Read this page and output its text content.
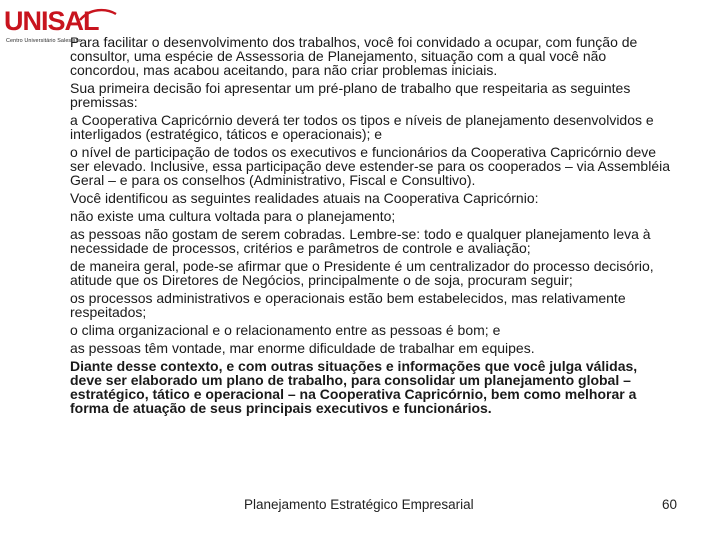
UNISAL
Centro Universitário Salesiano

Para facilitar o desenvolvimento dos trabalhos, você foi convidado a ocupar, com função de consultor, uma espécie de Assessoria de Planejamento, situação com a qual você não concordou, mas acabou aceitando, para não criar problemas iniciais.

Sua primeira decisão foi apresentar um pré-plano de trabalho que respeitaria as seguintes premissas:

a Cooperativa Capricórnio deverá ter todos os tipos e níveis de planejamento desenvolvidos e interligados (estratégico, táticos e operacionais); e

o nível de participação de todos os executivos e funcionários da Cooperativa Capricórnio deve ser elevado. Inclusive, essa participação deve estender-se para os cooperados – via Assembléia Geral – e para os conselhos (Administrativo, Fiscal e Consultivo).

Você identificou as seguintes realidades atuais na Cooperativa Capricórnio:

não existe uma cultura voltada para o planejamento;

as pessoas não gostam de serem cobradas. Lembre-se: todo e qualquer planejamento leva à necessidade de processos, critérios e parâmetros de controle e avaliação;

de maneira geral, pode-se afirmar que o Presidente é um centralizador do processo decisório, atitude que os Diretores de Negócios, principalmente o de soja, procuram seguir;

os processos administrativos e operacionais estão bem estabelecidos, mas relativamente respeitados;

o clima organizacional e o relacionamento entre as pessoas é bom; e

as pessoas têm vontade, mar enorme dificuldade de trabalhar em equipes.

Diante desse contexto, e com outras situações e informações que você julga válidas, deve ser elaborado um plano de trabalho, para consolidar um planejamento global – estratégico, tático e operacional – na Cooperativa Capricórnio, bem como melhorar a forma de atuação de seus principais executivos e funcionários.

Planejamento Estratégico Empresarial	60
